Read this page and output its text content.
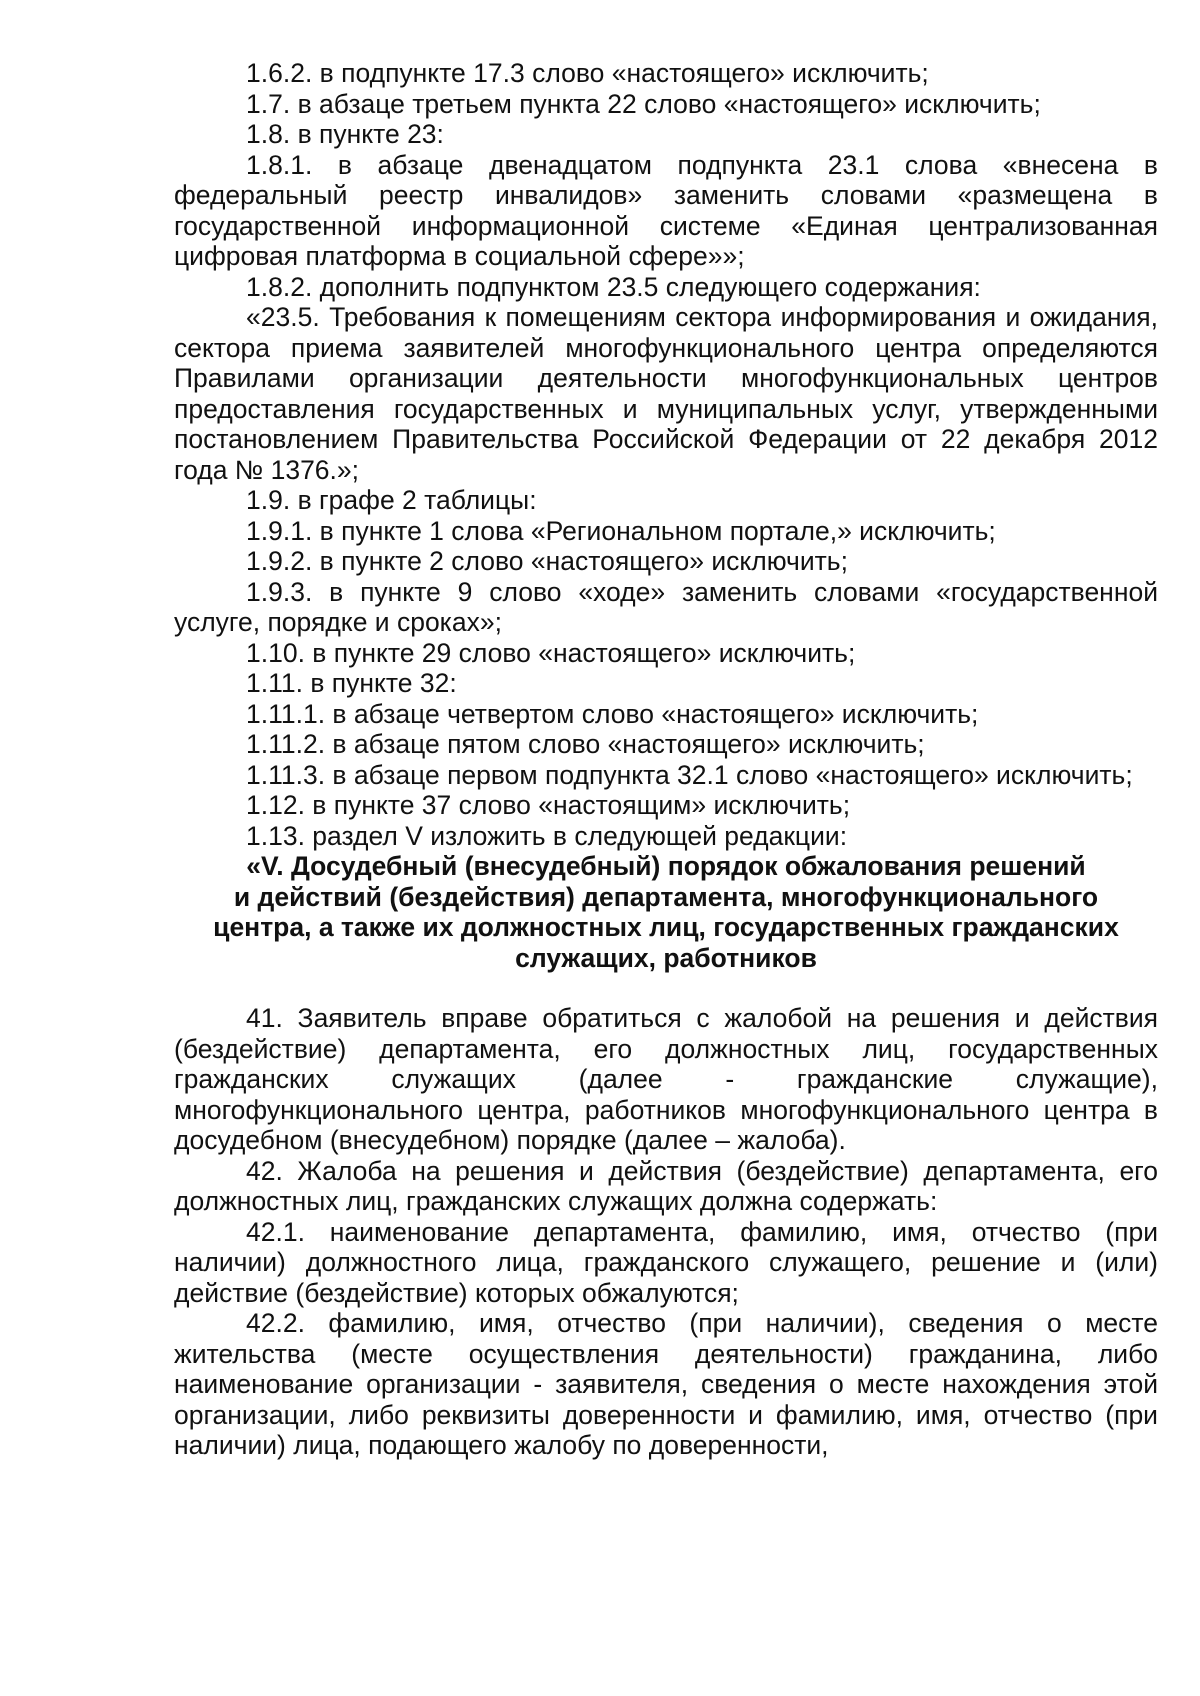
1.6.2. в подпункте 17.3 слово «настоящего» исключить;

1.7. в абзаце третьем пункта 22 слово «настоящего» исключить;

1.8. в пункте 23:

1.8.1. в абзаце двенадцатом подпункта 23.1 слова «внесена в федеральный реестр инвалидов» заменить словами «размещена в государственной информационной системе «Единая централизованная цифровая платформа в социальной сфере»»;

1.8.2. дополнить подпунктом 23.5 следующего содержания:

«23.5. Требования к помещениям сектора информирования и ожидания, сектора приема заявителей многофункционального центра определяются Правилами организации деятельности многофункциональных центров предоставления государственных и муниципальных услуг, утвержденными постановлением Правительства Российской Федерации от 22 декабря 2012 года № 1376.»;

1.9. в графе 2 таблицы:

1.9.1. в пункте 1 слова «Региональном портале,» исключить;

1.9.2. в пункте 2 слово «настоящего» исключить;

1.9.3. в пункте 9 слово «ходе» заменить словами «государственной услуге, порядке и сроках»;

1.10. в пункте 29 слово «настоящего» исключить;

1.11. в пункте 32:

1.11.1. в абзаце четвертом слово «настоящего» исключить;

1.11.2. в абзаце пятом слово «настоящего» исключить;

1.11.3. в абзаце первом подпункта 32.1 слово «настоящего» исключить;

1.12. в пункте 37 слово «настоящим» исключить;

1.13. раздел V изложить в следующей редакции:

«V. Досудебный (внесудебный) порядок обжалования решений

и действий (бездействия) департамента, многофункционального

центра, а также их должностных лиц, государственных гражданских

служащих, работников

41. Заявитель вправе обратиться с жалобой на решения и действия (бездействие) департамента, его должностных лиц, государственных гражданских служащих (далее - гражданские служащие), многофункционального центра, работников многофункционального центра в досудебном (внесудебном) порядке (далее – жалоба).

42. Жалоба на решения и действия (бездействие) департамента, его должностных лиц, гражданских служащих должна содержать:

42.1. наименование департамента, фамилию, имя, отчество (при наличии) должностного лица, гражданского служащего, решение и (или) действие (бездействие) которых обжалуются;

42.2. фамилию, имя, отчество (при наличии), сведения о месте жительства (месте осуществления деятельности) гражданина, либо наименование организации - заявителя, сведения о месте нахождения этой организации, либо реквизиты доверенности и фамилию, имя, отчество (при наличии) лица, подающего жалобу по доверенности,
